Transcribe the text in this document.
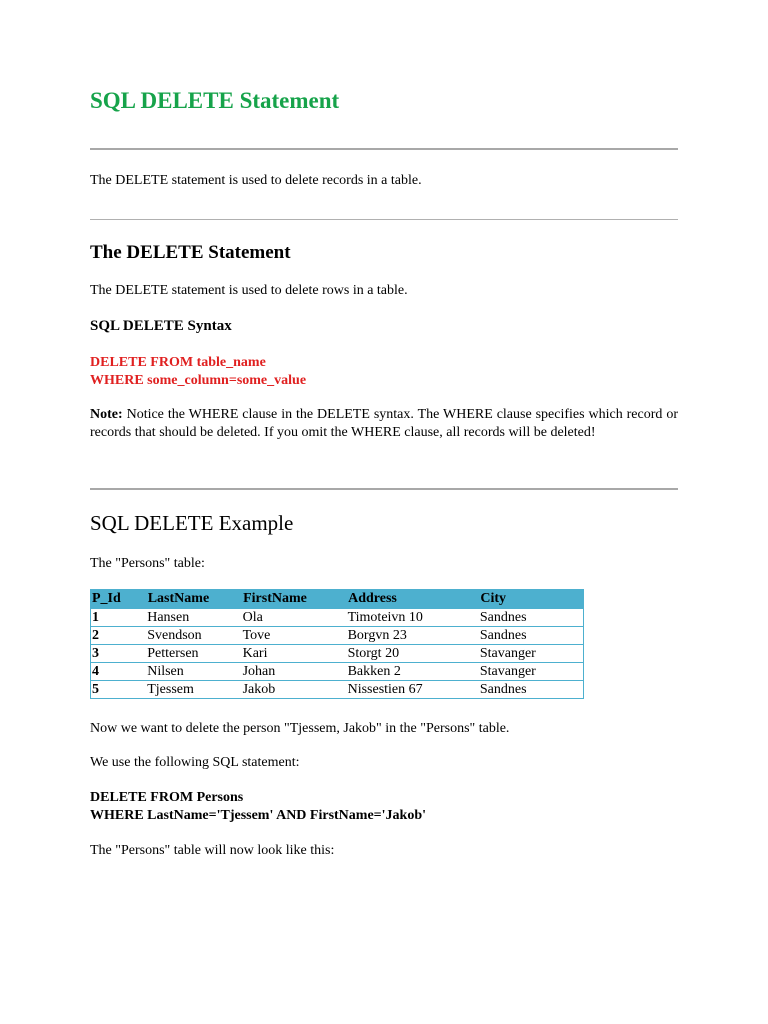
SQL DELETE Statement

The DELETE statement is used to delete records in a table.

The DELETE Statement

The DELETE statement is used to delete rows in a table.

SQL DELETE Syntax

DELETE FROM table_name

WHERE some_column=some_value

Note: Notice the WHERE clause in the DELETE syntax. The WHERE clause specifies which record or records that should be deleted. If you omit the WHERE clause, all records will be deleted!

SQL DELETE Example

The "Persons" table:

P_Id	LastName	FirstName	Address	City
1	Hansen	Ola	Timoteivn 10	Sandnes
2	Svendson	Tove	Borgvn 23	Sandnes
3	Pettersen	Kari	Storgt 20	Stavanger
4	Nilsen	Johan	Bakken 2	Stavanger
5	Tjessem	Jakob	Nissestien 67	Sandnes

Now we want to delete the person "Tjessem, Jakob" in the "Persons" table.

We use the following SQL statement:

DELETE FROM Persons

WHERE LastName='Tjessem' AND FirstName='Jakob'

The "Persons" table will now look like this:
